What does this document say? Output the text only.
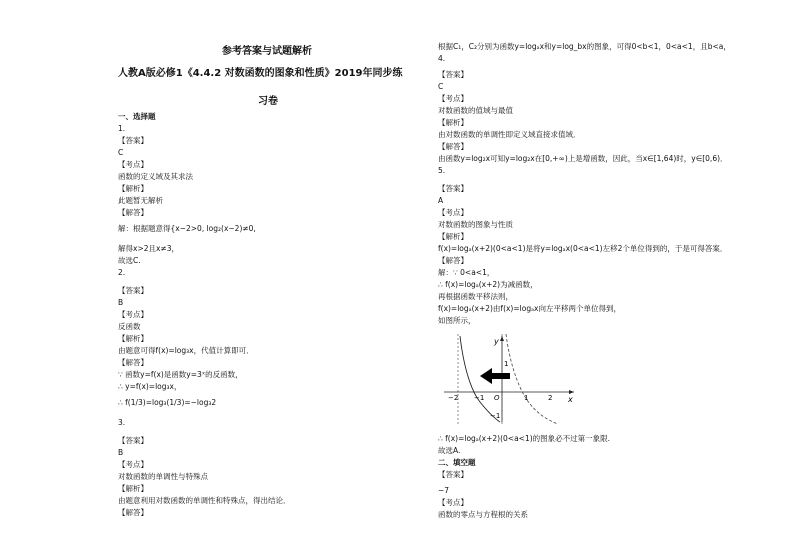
参考答案与试题解析
人教A版必修1《4.4.2 对数函数的图象和性质》2019年同步练
习卷
一、选择题
1.
【答案】
C
【考点】
函数的定义域及其求法
【解析】
此题暂无解析
【解答】
解：根据题意得{x−2>0, log₂(x−2)≠0,
解得x>2且x≠3，
故选C.
2.
【答案】
B
【考点】
反函数
【解析】
由题意可得f(x)=log₃x，代值计算即可．
【解答】
∵ 函数y=f(x)是函数y=3ˣ的反函数，
∴ y=f(x)=log₃x，
∴ f(1/3)=log₃(1/3)=−log₃2
3.
【答案】
B
【考点】
对数函数的单调性与特殊点
【解析】
由题意利用对数函数的单调性和特殊点，得出结论．
【解答】
根据C₁，C₂分别为函数y=logₐx和y=log_bx的图象，可得0<b<1，0<a<1，且b<a，
4.
【答案】
C
【考点】
对数函数的值域与最值
【解析】
由对数函数的单调性即定义域直接求值域．
【解答】
由函数y=log₂x可知y=log₂x在[0,+∞)上是增函数，因此，当x∈[1,64)时，y∈[0,6)．
5.
【答案】
A
【考点】
对数函数的图象与性质
【解析】
f(x)=logₐ(x+2)(0<a<1)是将y=logₐx(0<a<1)左移2个单位得到的，于是可得答案．
【解答】
解：∵ 0<a<1，
∴ f(x)=logₐ(x+2)为减函数，
再根据函数平移法则，
f(x)=logₐ(x+2)由f(x)=logₐx向左平移两个单位得到，
如图所示，
∴ f(x)=logₐ(x+2)(0<a<1)的图象必不过第一象限.
故选A.
二、填空题
【答案】
−7
【考点】
函数的零点与方程根的关系
y
x
O
1
−1
−2 −1	1	2
